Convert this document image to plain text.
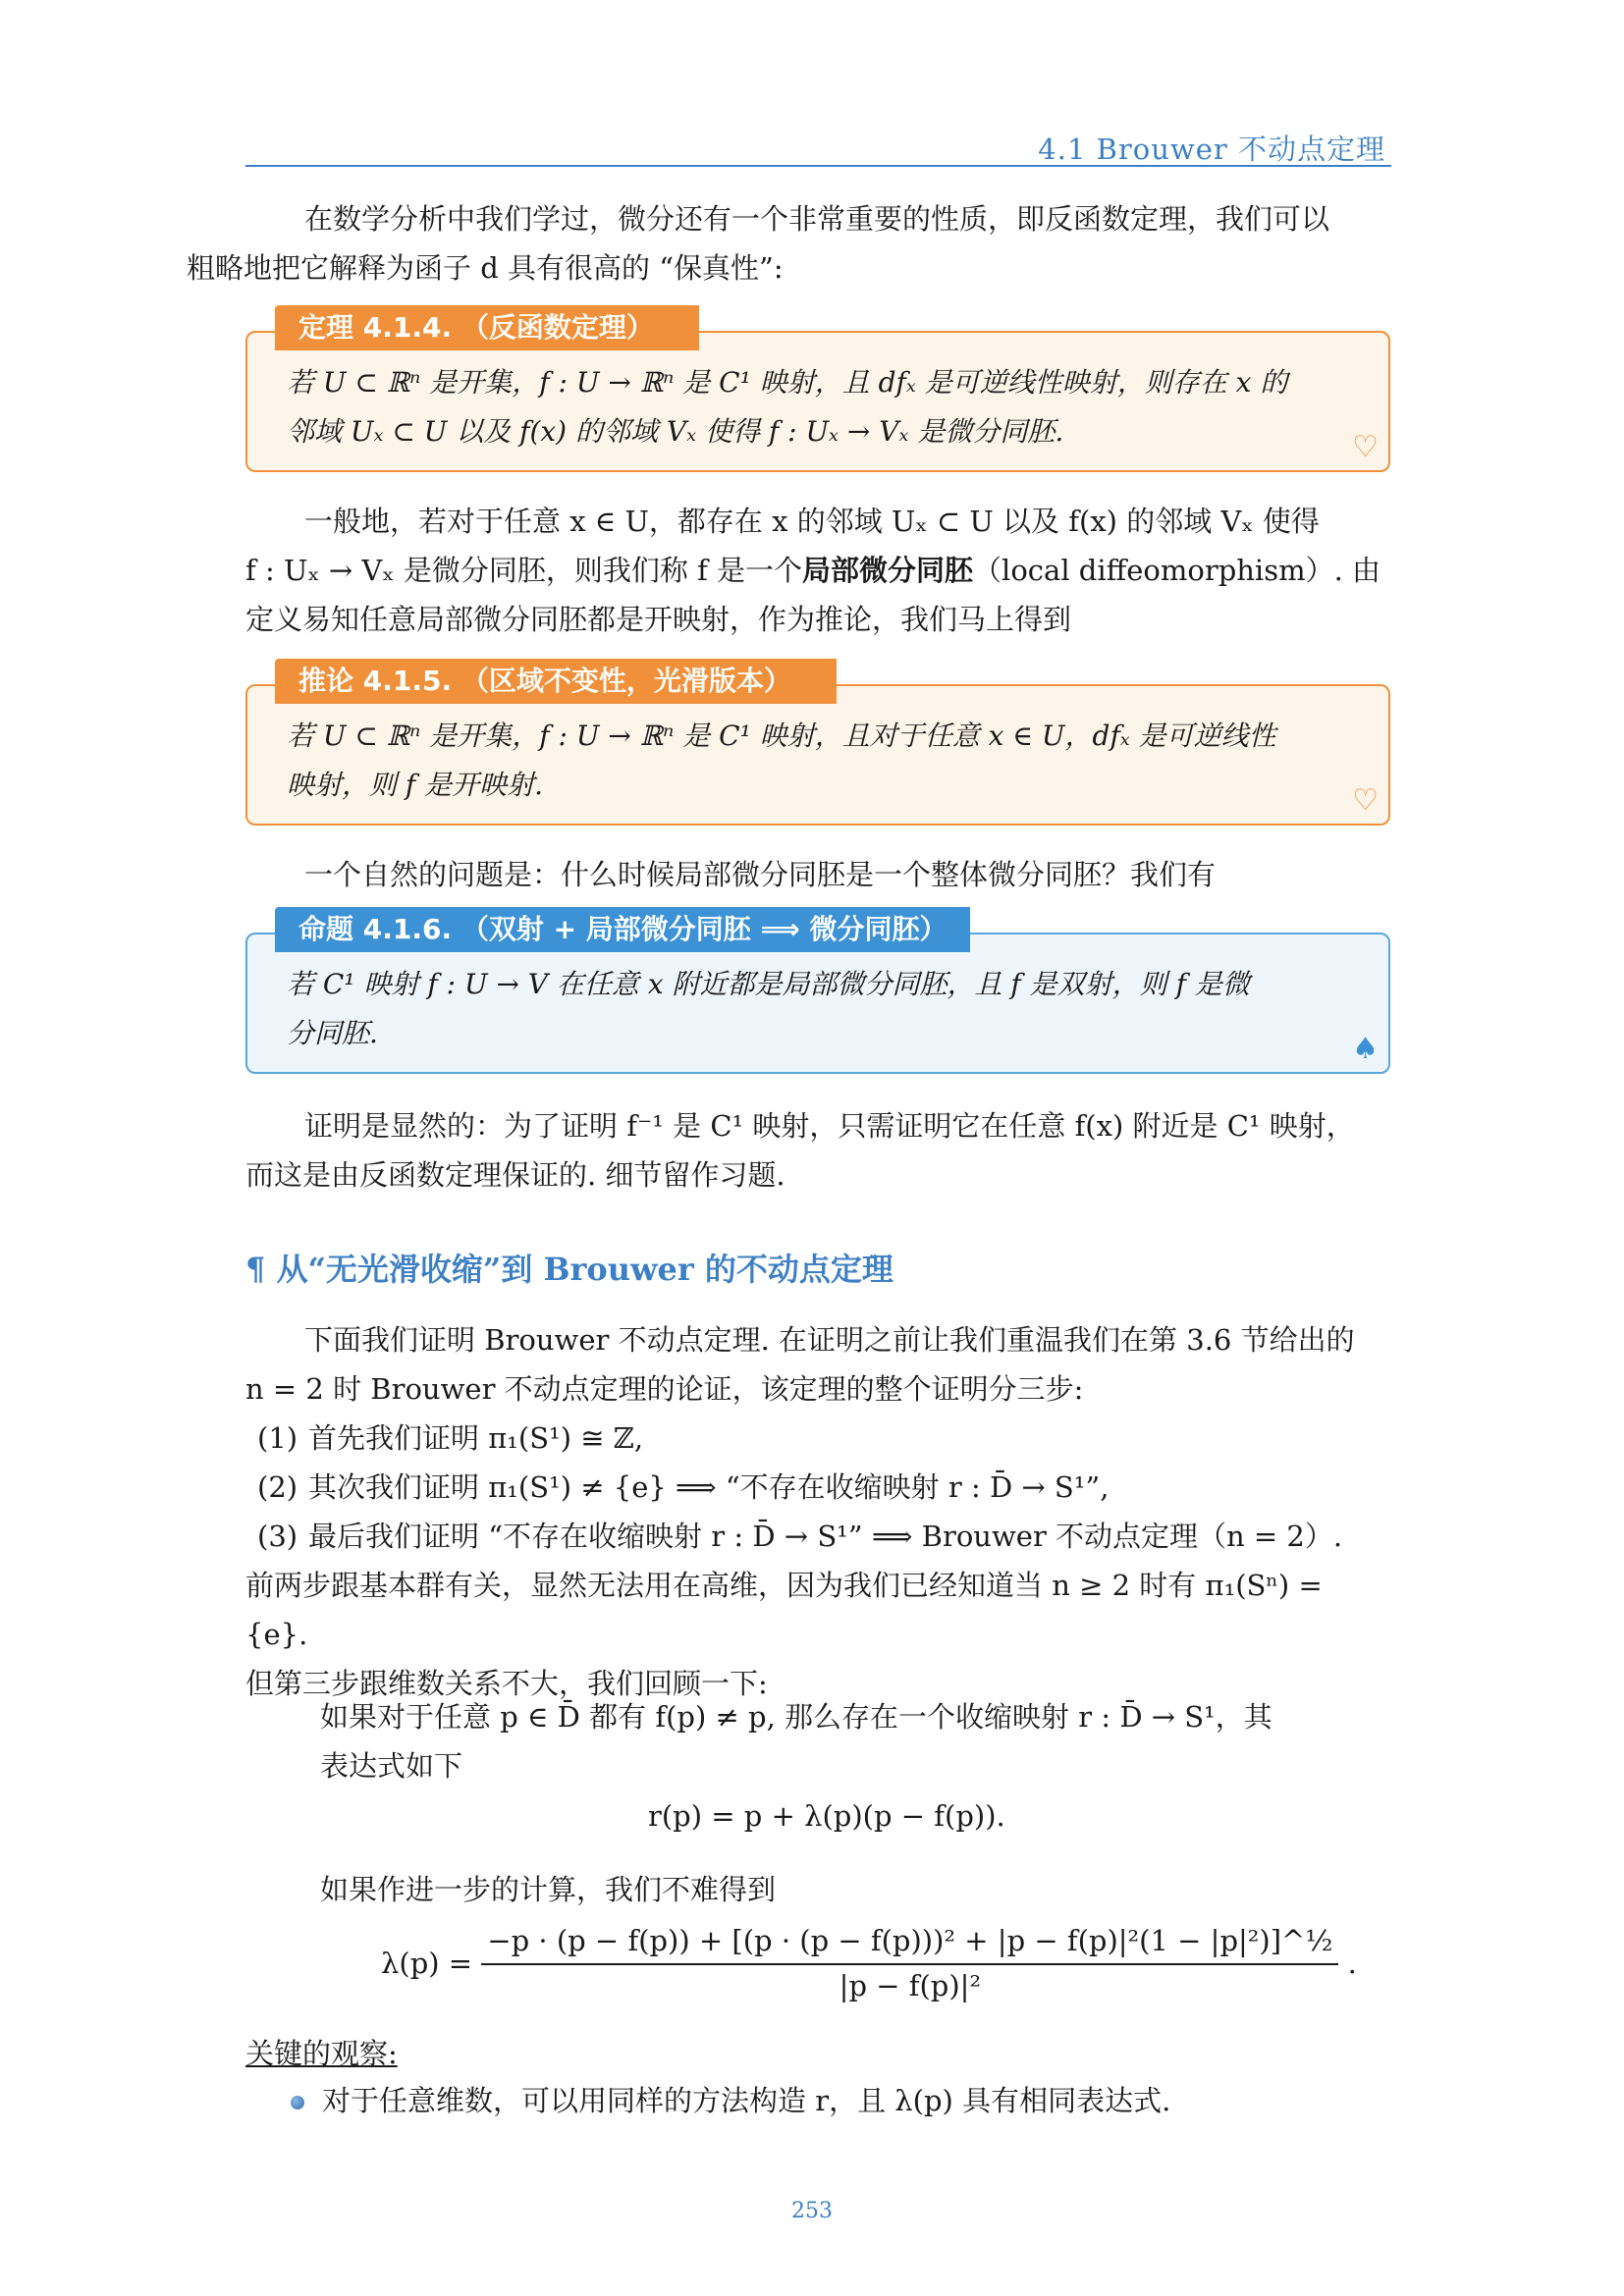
4.1 Brouwer 不动点定理

在数学分析中我们学过，微分还有一个非常重要的性质，即反函数定理，我们可以
粗略地把它解释为函子 d 具有很高的 “保真性”:

定理 4.1.4. （反函数定理）
若 U ⊂ ℝⁿ 是开集，f : U → ℝⁿ 是 C¹ 映射，且 dfₓ 是可逆线性映射，则存在 x 的
邻域 Uₓ ⊂ U 以及 f(x) 的邻域 Vₓ 使得 f : Uₓ → Vₓ 是微分同胚.	♡
一般地，若对于任意 x ∈ U，都存在 x 的邻域 Uₓ ⊂ U 以及 f(x) 的邻域 Vₓ 使得
f : Uₓ → Vₓ 是微分同胚，则我们称 f 是一个局部微分同胚（local diffeomorphism）. 由
定义易知任意局部微分同胚都是开映射，作为推论，我们马上得到
推论 4.1.5. （区域不变性，光滑版本）
若 U ⊂ ℝⁿ 是开集，f : U → ℝⁿ 是 C¹ 映射，且对于任意 x ∈ U，dfₓ 是可逆线性
映射，则 f 是开映射.	♡

一个自然的问题是：什么时候局部微分同胚是一个整体微分同胚？我们有

命题 4.1.6. （双射 + 局部微分同胚 ⟹ 微分同胚）
若 C¹ 映射 f : U → V 在任意 x 附近都是局部微分同胚，且 f 是双射，则 f 是微
分同胚.	♠
证明是显然的：为了证明 f⁻¹ 是 C¹ 映射，只需证明它在任意 f(x) 附近是 C¹ 映射，
而这是由反函数定理保证的. 细节留作习题.
¶ 从“无光滑收缩”到 Brouwer 的不动点定理
下面我们证明 Brouwer 不动点定理. 在证明之前让我们重温我们在第 3.6 节给出的
n = 2 时 Brouwer 不动点定理的论证，该定理的整个证明分三步:
(1) 首先我们证明 π₁(S¹) ≅ ℤ,
(2) 其次我们证明 π₁(S¹) ≠ {e} ⟹ “不存在收缩映射 r : D̄ → S¹”,
(3) 最后我们证明 “不存在收缩映射 r : D̄ → S¹” ⟹ Brouwer 不动点定理（n = 2）.
前两步跟基本群有关，显然无法用在高维，因为我们已经知道当 n ≥ 2 时有 π₁(Sⁿ) = {e}.
但第三步跟维数关系不大，我们回顾一下:
如果对于任意 p ∈ D̄ 都有 f(p) ≠ p, 那么存在一个收缩映射 r : D̄ → S¹，其
表达式如下
r(p) = p + λ(p)(p − f(p)).
如果作进一步的计算，我们不难得到
λ(p) =
−p · (p − f(p)) + [(p · (p − f(p)))² + |p − f(p)|²(1 − |p|²)]^½
|p − f(p)|²
.
关键的观察:
对于任意维数，可以用同样的方法构造 r，且 λ(p) 具有相同表达式.
253
